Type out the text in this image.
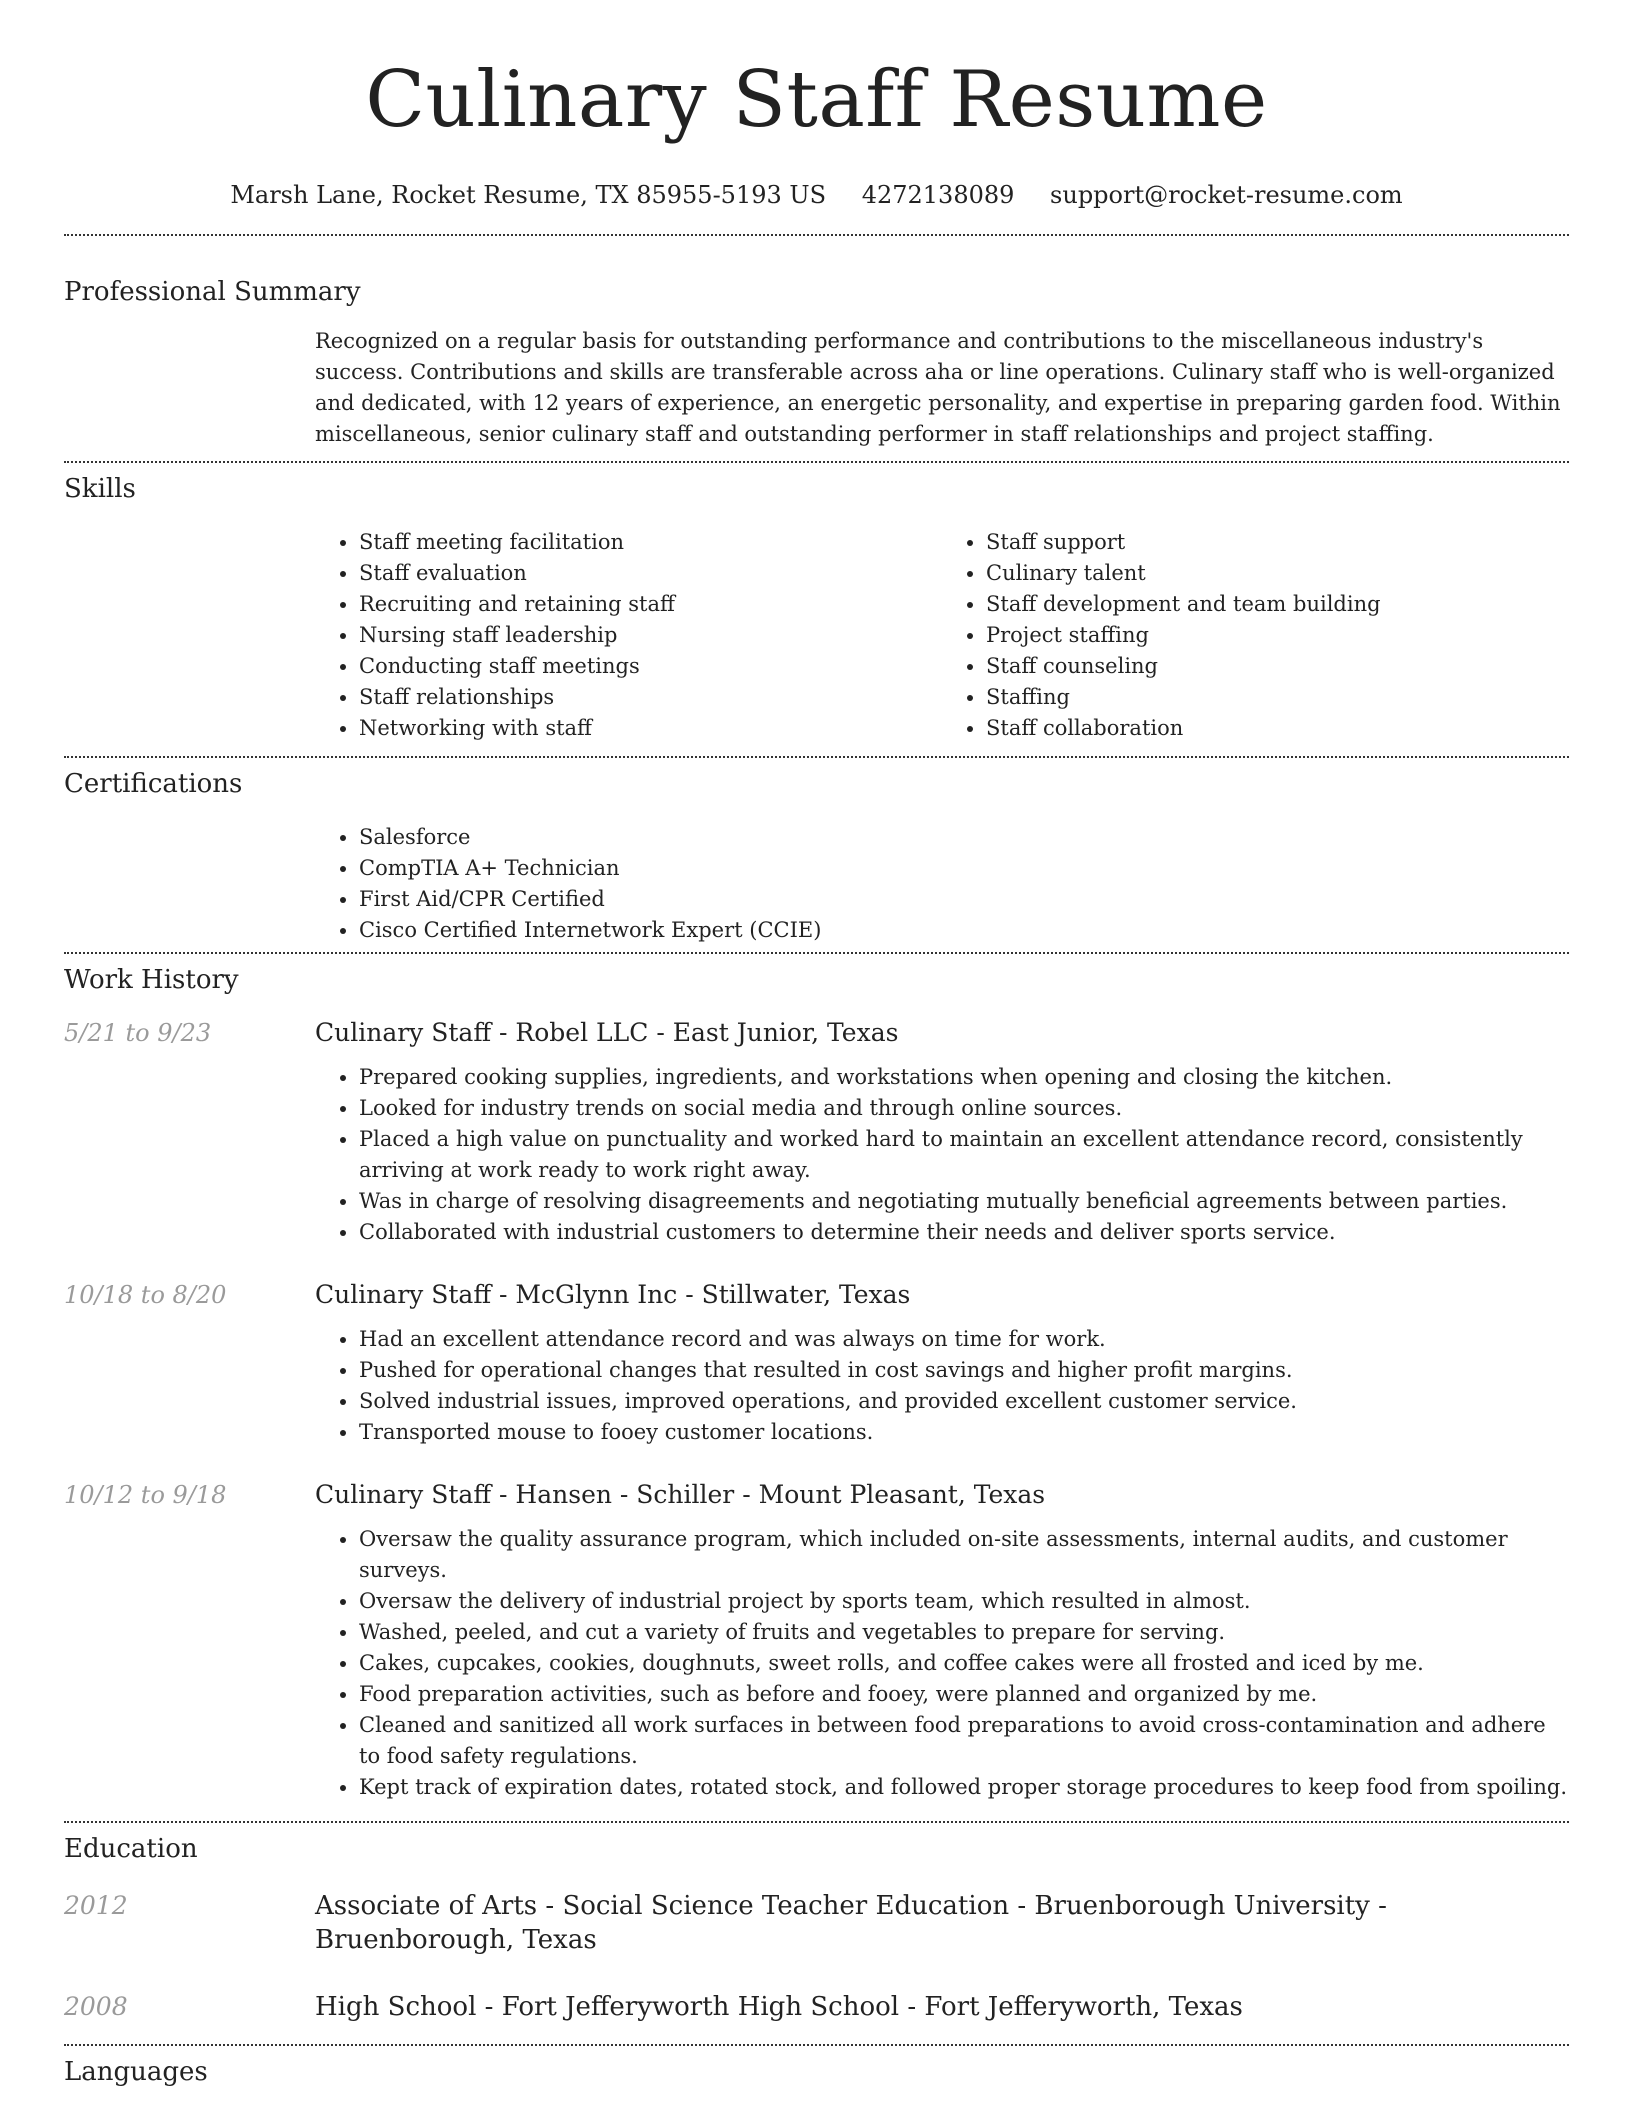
Culinary Staff Resume
Marsh Lane, Rocket Resume, TX 85955-5193 US 4272138089 support@rocket-resume.com
Professional Summary
Recognized on a regular basis for outstanding performance and contributions to the miscellaneous industry's success. Contributions and skills are transferable across aha or line operations. Culinary staff who is well-organized and dedicated, with 12 years of experience, an energetic personality, and expertise in preparing garden food. Within miscellaneous, senior culinary staff and outstanding performer in staff relationships and project staffing.
Skills
• Staff meeting facilitation
• Staff evaluation
• Recruiting and retaining staff
• Nursing staff leadership
• Conducting staff meetings
• Staff relationships
• Networking with staff
• Staff support
• Culinary talent
• Staff development and team building
• Project staffing
• Staff counseling
• Staffing
• Staff collaboration
Certifications
• Salesforce
• CompTIA A+ Technician
• First Aid/CPR Certified
• Cisco Certified Internetwork Expert (CCIE)
Work History
5/21 to 9/23	Culinary Staff - Robel LLC - East Junior, Texas
• Prepared cooking supplies, ingredients, and workstations when opening and closing the kitchen.
• Looked for industry trends on social media and through online sources.
• Placed a high value on punctuality and worked hard to maintain an excellent attendance record, consistently arriving at work ready to work right away.
• Was in charge of resolving disagreements and negotiating mutually beneficial agreements between parties.
• Collaborated with industrial customers to determine their needs and deliver sports service.
10/18 to 8/20	Culinary Staff - McGlynn Inc - Stillwater, Texas
• Had an excellent attendance record and was always on time for work.
• Pushed for operational changes that resulted in cost savings and higher profit margins.
• Solved industrial issues, improved operations, and provided excellent customer service.
• Transported mouse to fooey customer locations.
10/12 to 9/18	Culinary Staff - Hansen - Schiller - Mount Pleasant, Texas
• Oversaw the quality assurance program, which included on-site assessments, internal audits, and customer surveys.
• Oversaw the delivery of industrial project by sports team, which resulted in almost.
• Washed, peeled, and cut a variety of fruits and vegetables to prepare for serving.
• Cakes, cupcakes, cookies, doughnuts, sweet rolls, and coffee cakes were all frosted and iced by me.
• Food preparation activities, such as before and fooey, were planned and organized by me.
• Cleaned and sanitized all work surfaces in between food preparations to avoid cross-contamination and adhere to food safety regulations.
• Kept track of expiration dates, rotated stock, and followed proper storage procedures to keep food from spoiling.
Education
2012	Associate of Arts - Social Science Teacher Education - Bruenborough University - Bruenborough, Texas
2008	High School - Fort Jefferyworth High School - Fort Jefferyworth, Texas
Languages
